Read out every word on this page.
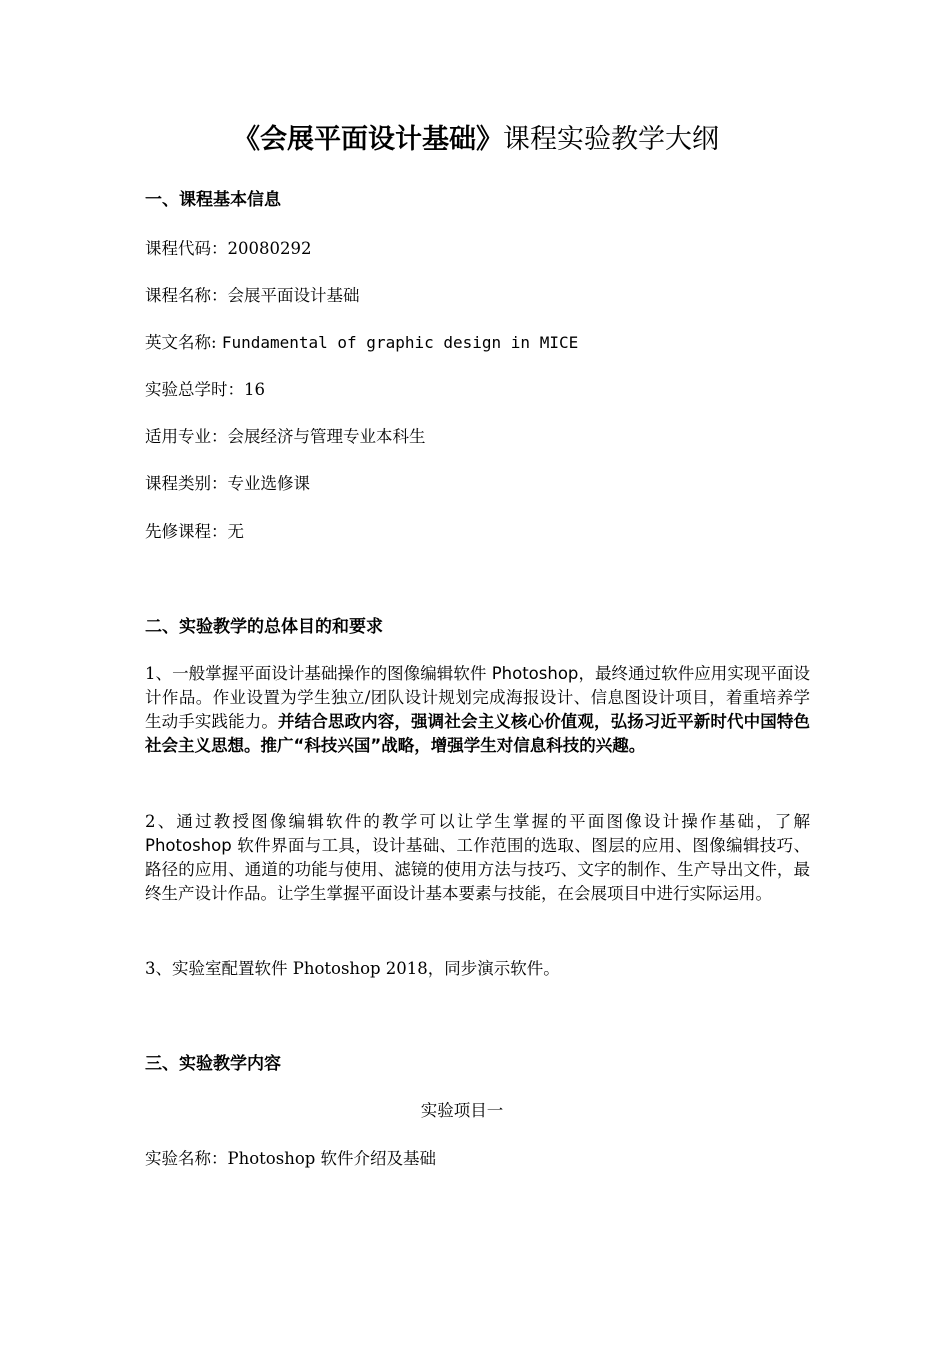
《会展平面设计基础》课程实验教学大纲
一、课程基本信息
课程代码：20080292
课程名称：会展平面设计基础
英文名称: Fundamental of graphic design in MICE
实验总学时：16
适用专业：会展经济与管理专业本科生
课程类别：专业选修课
先修课程：无
二、实验教学的总体目的和要求
1、一般掌握平面设计基础操作的图像编辑软件 Photoshop，最终通过软件应用实现平面设计作品。作业设置为学生独立/团队设计规划完成海报设计、信息图设计项目，着重培养学生动手实践能力。并结合思政内容，强调社会主义核心价值观，弘扬习近平新时代中国特色社会主义思想。推广“科技兴国”战略，增强学生对信息科技的兴趣。
2、通过教授图像编辑软件的教学可以让学生掌握的平面图像设计操作基础，了解 Photoshop 软件界面与工具，设计基础、工作范围的选取、图层的应用、图像编辑技巧、路径的应用、通道的功能与使用、滤镜的使用方法与技巧、文字的制作、生产导出文件，最终生产设计作品。让学生掌握平面设计基本要素与技能，在会展项目中进行实际运用。
3、实验室配置软件 Photoshop 2018，同步演示软件。
三、实验教学内容
实验项目一
实验名称：Photoshop 软件介绍及基础
